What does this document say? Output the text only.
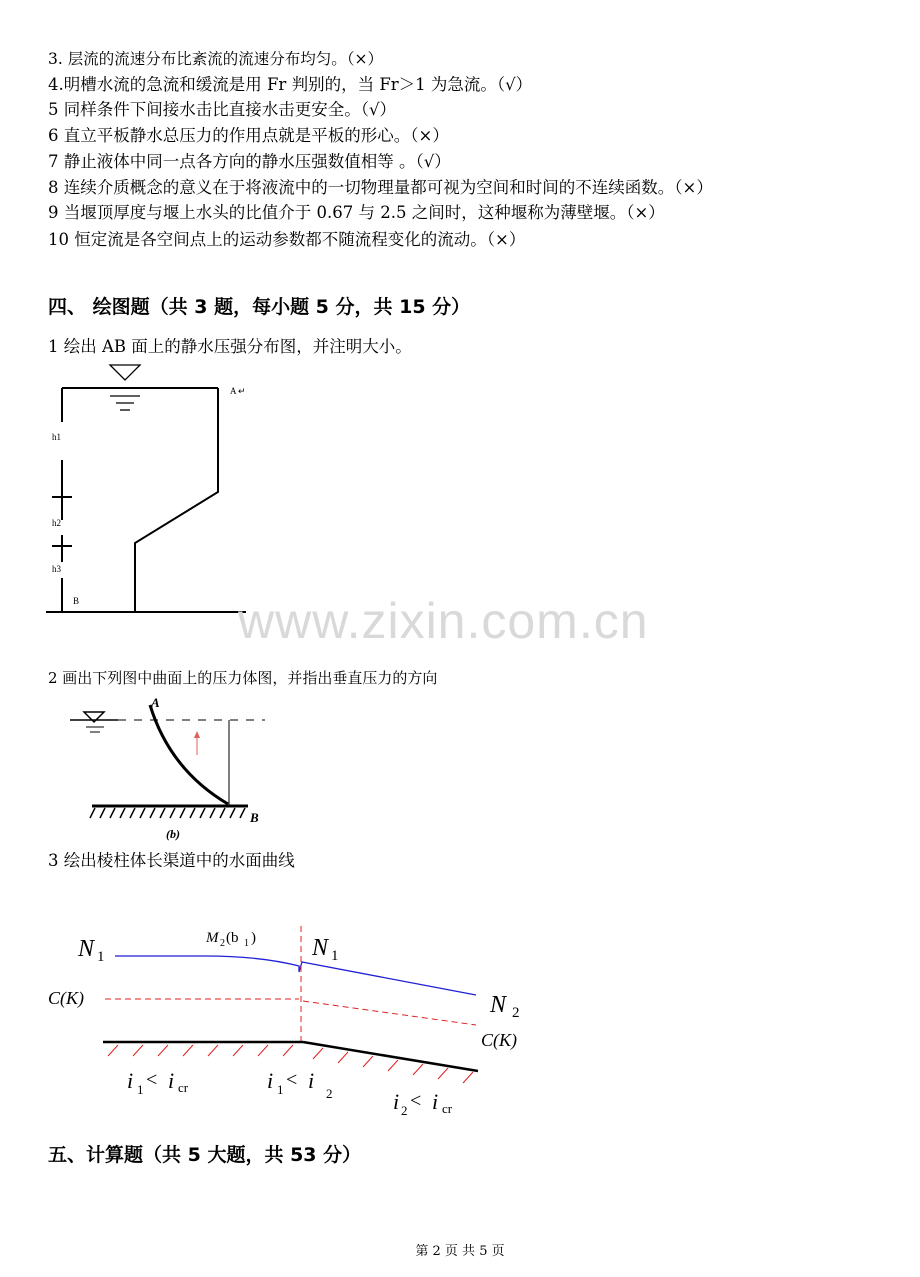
3. 层流的流速分布比紊流的流速分布均匀。（×）
4.明槽水流的急流和缓流是用 Fr 判别的，当 Fr＞1 为急流。（√）
5 同样条件下间接水击比直接水击更安全。（√）
6 直立平板静水总压力的作用点就是平板的形心。（×）
7 静止液体中同一点各方向的静水压强数值相等 。（√）
8 连续介质概念的意义在于将液流中的一切物理量都可视为空间和时间的不连续函数。（×）
9 当堰顶厚度与堰上水头的比值介于 0.67 与 2.5 之间时，这种堰称为薄壁堰。（×）
10 恒定流是各空间点上的运动参数都不随流程变化的流动。（×）
四、 绘图题（共 3 题，每小题 5 分，共 15 分）
1 绘出 AB 面上的静水压强分布图，并注明大小。
A ↵
h1
h2
h3
B	www.zixin.com.cn
2 画出下列图中曲面上的压力体图，并指出垂直压力的方向
A
B
(b)
3 绘出棱柱体长渠道中的水面曲线
N 1
M 2 (b 1 ) N 1
C(K)	N 2
C(K)
i 1 < i cr	i 1 < i
2	i 2 < i cr
五、计算题（共 5 大题，共 53 分）
第 2 页 共 5 页
